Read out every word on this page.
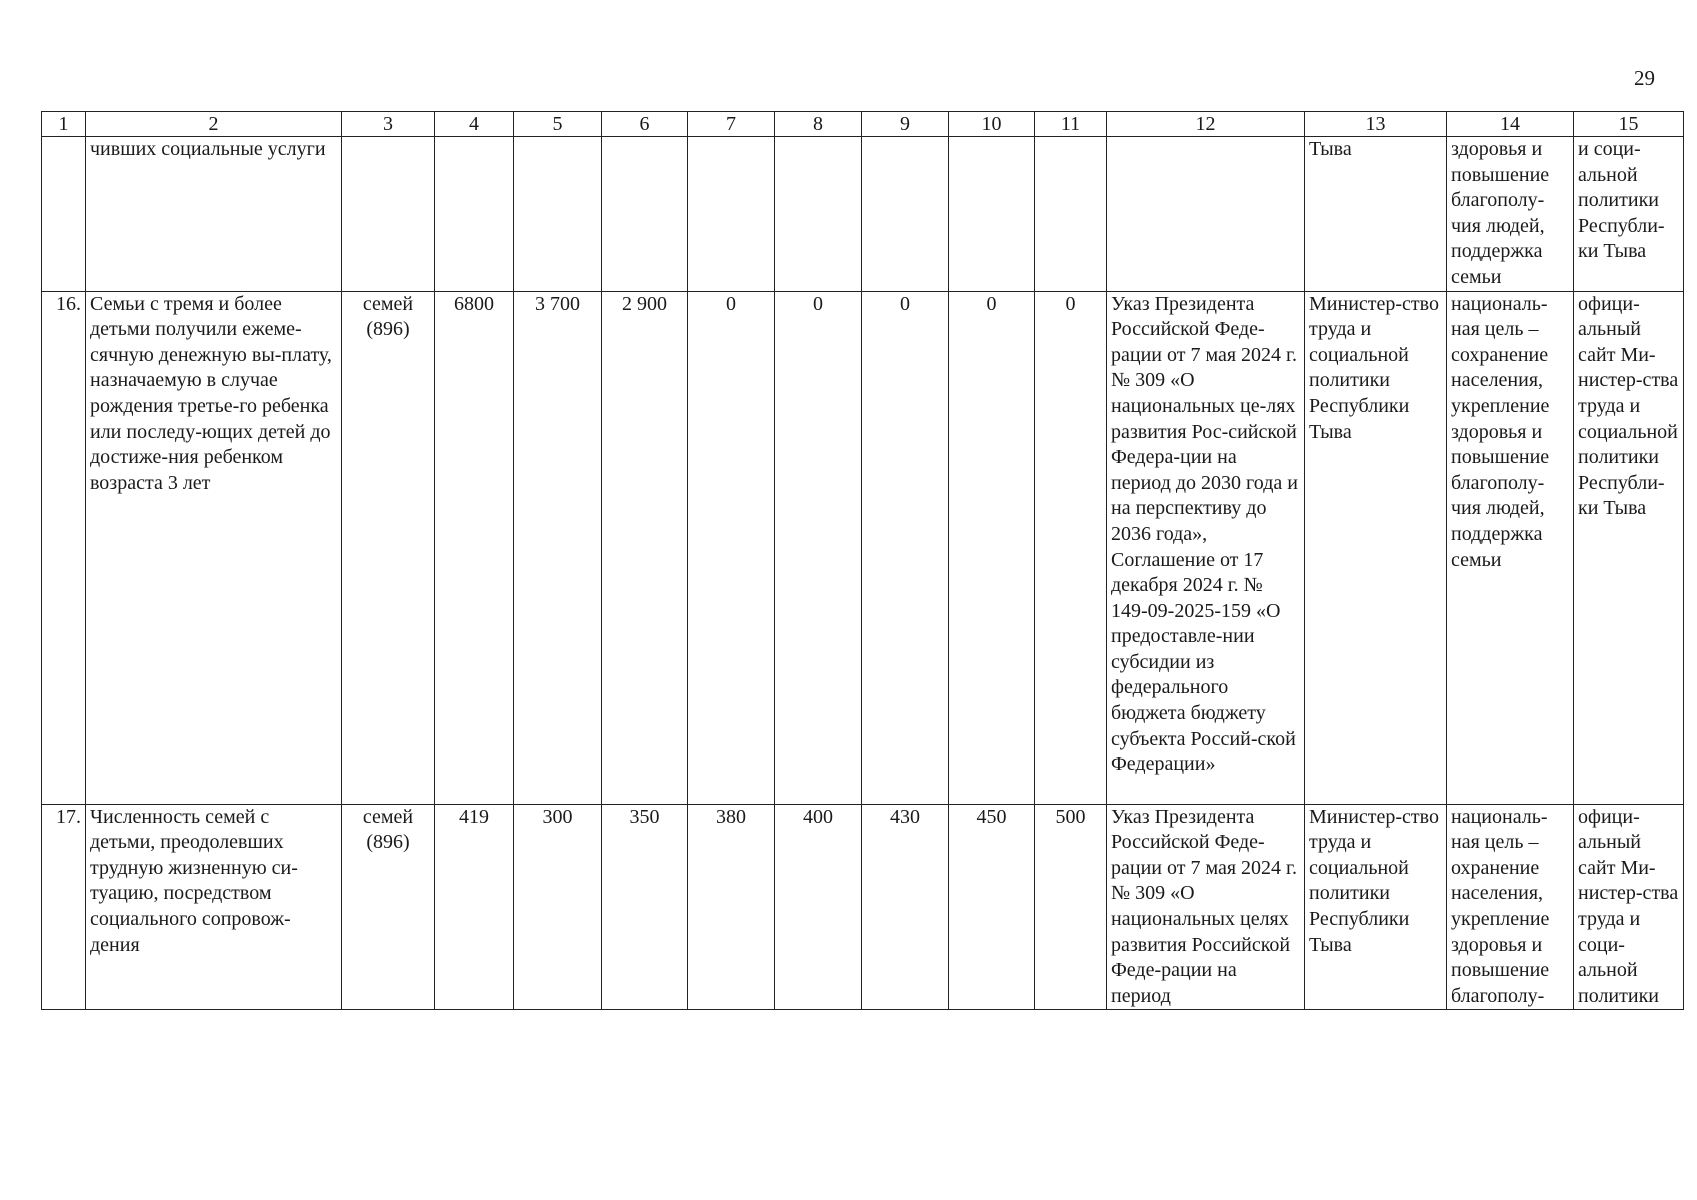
29
1	2	3	4	5	6	7	8	9	10	11	12	13	14	15
	чивших социальные услуги											Тыва	здоровья и повышение благополу-чия людей, поддержка семьи	и соци-альной политики Республи-ки Тыва
16.	Семьи с тремя и более детьми получили ежеме-сячную денежную вы-плату, назначаемую в случае рождения третье-го ребенка или последу-ющих детей до достиже-ния ребенком возраста 3 лет	семей (896)	6800	3 700	2 900	0	0	0	0	0	Указ Президента Российской Феде-рации от 7 мая 2024 г. № 309 «О национальных це-лях развития Рос-сийской Федера-ции на период до 2030 года и на перспективу до 2036 года», Соглашение от 17 декабря 2024 г. № 149-09-2025-159 «О предоставле-нии субсидии из федерального бюджета бюджету субъекта Россий-ской Федерации»	Министер-ство труда и социальной политики Республики Тыва	националь-ная цель – сохранение населения, укрепление здоровья и повышение благополу-чия людей, поддержка семьи	офици-альный сайт Ми-нистер-ства труда и социальной политики Республи-ки Тыва
17.	Численность семей с детьми, преодолевших трудную жизненную си-туацию, посредством социального сопровож-дения	семей (896)	419	300	350	380	400	430	450	500	Указ Президента Российской Феде-рации от 7 мая 2024 г. № 309 «О национальных целях развития Российской Феде-рации на период	Министер-ство труда и социальной политики Республики Тыва	националь-ная цель – охранение населения, укрепление здоровья и повышение благополу-	офици-альный сайт Ми-нистер-ства труда и соци-альной политики
